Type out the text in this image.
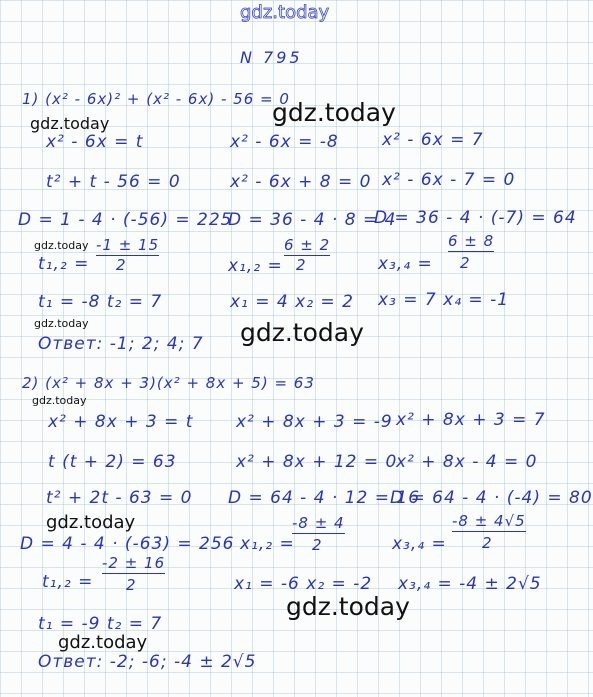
gdz.today
N 795
1) (x² - 6x)² + (x² - 6x) - 56 = 0
gdz.today
gdz.today
x² - 6x = t	x² - 6x = -8	x² - 6x = 7
t² + t - 56 = 0	x² - 6x + 8 = 0 x² - 6x - 7 = 0
D = 1 - 4 · (-56) = 225
D = 36 - 4 · 8 = 4
D = 36 - 4 · (-7) = 64
gdz.today
t₁,₂ =
-1 ± 15
2	x₁,₂ =
6 ± 2
2	x₃,₄ =
6 ± 8
2
t₁ = -8 t₂ = 7	x₁ = 4 x₂ = 2 x₃ = 7 x₄ = -1
gdz.today	gdz.today
Ответ: -1; 2; 4; 7
2) (x² + 8x + 3)(x² + 8x + 5) = 63
gdz.today
x² + 8x + 3 = t	x² + 8x + 3 = -9 x² + 8x + 3 = 7
t (t + 2) = 63	x² + 8x + 12 = 0
x² + 8x - 4 = 0
t² + 2t - 63 = 0 D = 64 - 4 · 12 = 16
D = 64 - 4 · (-4) = 80
gdz.today
D = 4 - 4 · (-63) = 256 x₁,₂ =
-8 ± 4
2	x₃,₄ =
-8 ± 4√5
2
t₁,₂ =
-2 ± 16
2	x₁ = -6 x₂ = -2 x₃,₄ = -4 ± 2√5
gdz.today
t₁ = -9 t₂ = 7
gdz.today
Ответ: -2; -6; -4 ± 2√5
